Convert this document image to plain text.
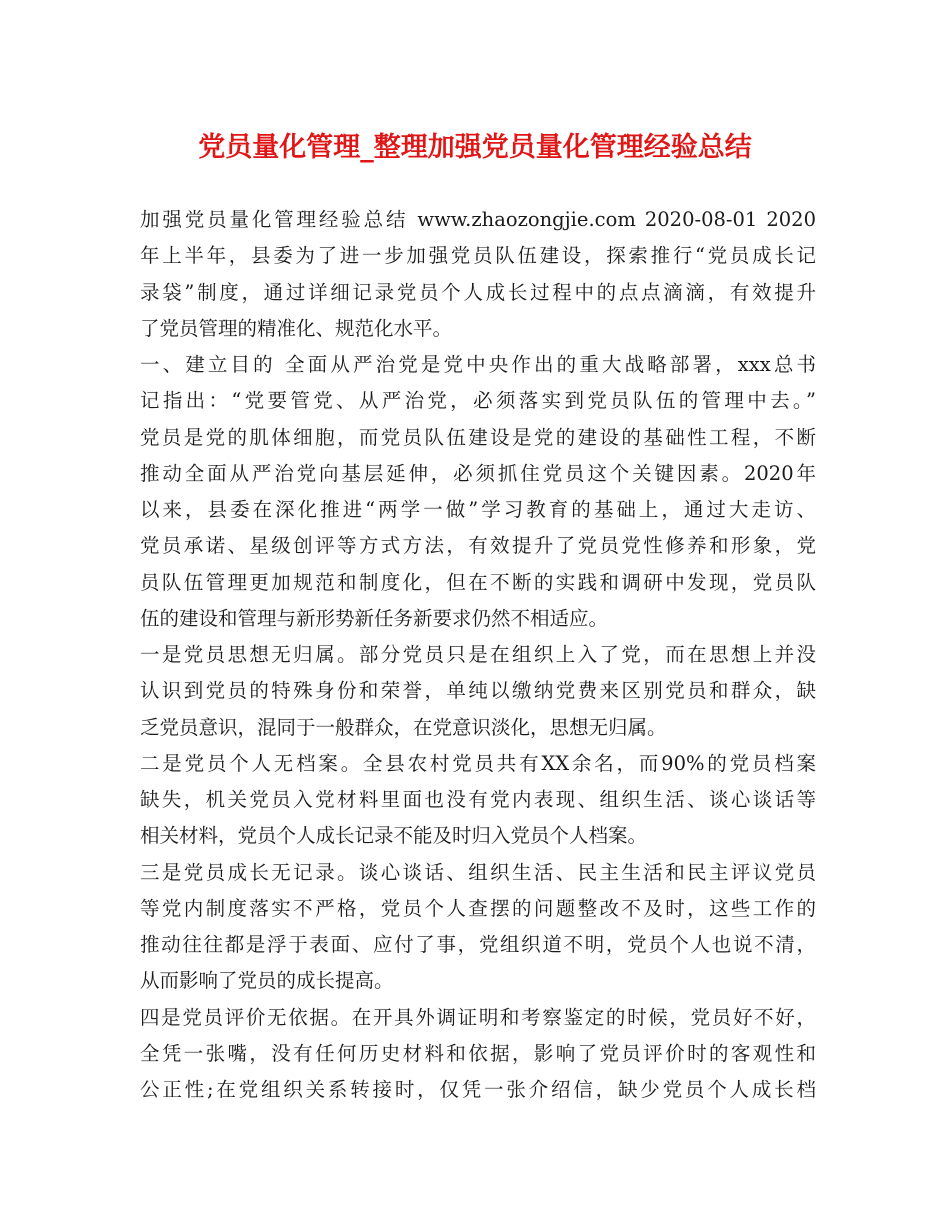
党员量化管理_整理加强党员量化管理经验总结
加强党员量化管理经验总结 www.zhaozongjie.com 2020-08-01 2020
年上半年，县委为了进一步加强党员队伍建设，探索推行“党员成长记
录袋”制度，通过详细记录党员个人成长过程中的点点滴滴，有效提升
了党员管理的精准化、规范化水平。
一、建立目的 全面从严治党是党中央作出的重大战略部署，xxx总书
记指出：“党要管党、从严治党，必须落实到党员队伍的管理中去。”
党员是党的肌体细胞，而党员队伍建设是党的建设的基础性工程，不断
推动全面从严治党向基层延伸，必须抓住党员这个关键因素。2020年
以来，县委在深化推进“两学一做”学习教育的基础上，通过大走访、
党员承诺、星级创评等方式方法，有效提升了党员党性修养和形象，党
员队伍管理更加规范和制度化，但在不断的实践和调研中发现，党员队
伍的建设和管理与新形势新任务新要求仍然不相适应。
一是党员思想无归属。部分党员只是在组织上入了党，而在思想上并没
认识到党员的特殊身份和荣誉，单纯以缴纳党费来区别党员和群众，缺
乏党员意识，混同于一般群众，在党意识淡化，思想无归属。
二是党员个人无档案。全县农村党员共有XX余名，而90%的党员档案
缺失，机关党员入党材料里面也没有党内表现、组织生活、谈心谈话等
相关材料，党员个人成长记录不能及时归入党员个人档案。
三是党员成长无记录。谈心谈话、组织生活、民主生活和民主评议党员
等党内制度落实不严格，党员个人查摆的问题整改不及时，这些工作的
推动往往都是浮于表面、应付了事，党组织道不明，党员个人也说不清，
从而影响了党员的成长提高。
四是党员评价无依据。在开具外调证明和考察鉴定的时候，党员好不好，
全凭一张嘴，没有任何历史材料和依据，影响了党员评价时的客观性和
公正性;在党组织关系转接时，仅凭一张介绍信，缺少党员个人成长档
